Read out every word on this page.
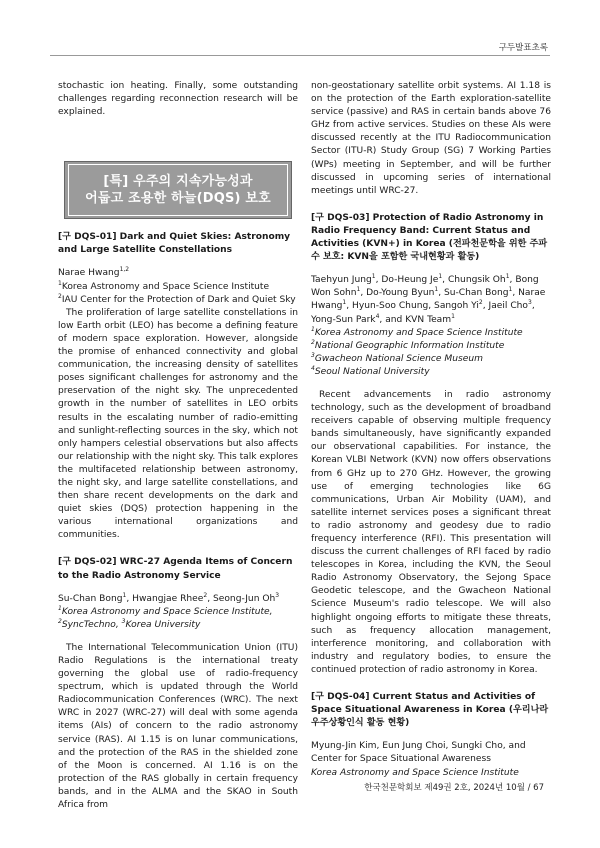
구두발표초록

stochastic ion heating. Finally, some outstanding challenges regarding reconnection research will be explained.

[특] 우주의 지속가능성과
어둡고 조용한 하늘(DQS) 보호
[구 DQS-01] Dark and Quiet Skies: Astronomy and Large Satellite Constellations
Narae Hwang$^{1,2}$
$^1$Korea Astronomy and Space Science Institute
$^2$IAU Center for the Protection of Dark and Quiet Sky

The proliferation of large satellite constellations in low Earth orbit (LEO) has become a defining feature of modern space exploration. However, alongside the promise of enhanced connectivity and global communication, the increasing density of satellites poses significant challenges for astronomy and the preservation of the night sky. The unprecedented growth in the number of satellites in LEO orbits results in the escalating number of radio-emitting and sunlight-reflecting sources in the sky, which not only hampers celestial observations but also affects our relationship with the night sky. This talk explores the multifaceted relationship between astronomy, the night sky, and large satellite constellations, and then share recent developments on the dark and quiet skies (DQS) protection happening in the various international organizations and communities.

[구 DQS-02] WRC-27 Agenda Items of Concern to the Radio Astronomy Service
Su-Chan Bong$^1$, Hwangjae Rhee$^2$, Seong-Jun Oh$^3$
$^1$Korea Astronomy and Space Science Institute,
$^2$SyncTechno, $^3$Korea University

The International Telecommunication Union (ITU) Radio Regulations is the international treaty governing the global use of radio-frequency spectrum, which is updated through the World Radiocommunication Conferences (WRC). The next WRC in 2027 (WRC-27) will deal with some agenda items (AIs) of concern to the radio astronomy service (RAS). AI 1.15 is on lunar communications, and the protection of the RAS in the shielded zone of the Moon is concerned. AI 1.16 is on the protection of the RAS globally in certain frequency bands, and in the ALMA and the SKAO in South Africa from

non-geostationary satellite orbit systems. AI 1.18 is on the protection of the Earth exploration-satellite service (passive) and RAS in certain bands above 76 GHz from active services. Studies on these AIs were discussed recently at the ITU Radiocommunication Sector (ITU-R) Study Group (SG) 7 Working Parties (WPs) meeting in September, and will be further discussed in upcoming series of international meetings until WRC-27.

[구 DQS-03] Protection of Radio Astronomy in Radio Frequency Band: Current Status and Activities (KVN+) in Korea (전파천문학을 위한 주파수 보호: KVN을 포함한 국내현황과 활동)
Taehyun Jung$^1$, Do-Heung Je$^1$, Chungsik Oh$^1$, Bong Won Sohn$^1$, Do-Young Byun$^1$, Su-Chan Bong$^1$, Narae Hwang$^1$, Hyun-Soo Chung, Sangoh Yi$^2$, Jaeil Cho$^3$, Yong-Sun Park$^4$, and KVN Team$^1$
$^1$Korea Astronomy and Space Science Institute
$^2$National Geographic Information Institute
$^3$Gwacheon National Science Museum
$^4$Seoul National University

Recent advancements in radio astronomy technology, such as the development of broadband receivers capable of observing multiple frequency bands simultaneously, have significantly expanded our observational capabilities. For instance, the Korean VLBI Network (KVN) now offers observations from 6 GHz up to 270 GHz. However, the growing use of emerging technologies like 6G communications, Urban Air Mobility (UAM), and satellite internet services poses a significant threat to radio astronomy and geodesy due to radio frequency interference (RFI). This presentation will discuss the current challenges of RFI faced by radio telescopes in Korea, including the KVN, the Seoul Radio Astronomy Observatory, the Sejong Space Geodetic telescope, and the Gwacheon National Science Museum's radio telescope. We will also highlight ongoing efforts to mitigate these threats, such as frequency allocation management, interference monitoring, and collaboration with industry and regulatory bodies, to ensure the continued protection of radio astronomy in Korea.

[구 DQS-04] Current Status and Activities of Space Situational Awareness in Korea (우리나라 우주상황인식 활동 현황)
Myung-Jin Kim, Eun Jung Choi, Sungki Cho, and Center for Space Situational Awareness
Korea Astronomy and Space Science Institute
한국천문학회보 제49권 2호, 2024년 10월 / 67
